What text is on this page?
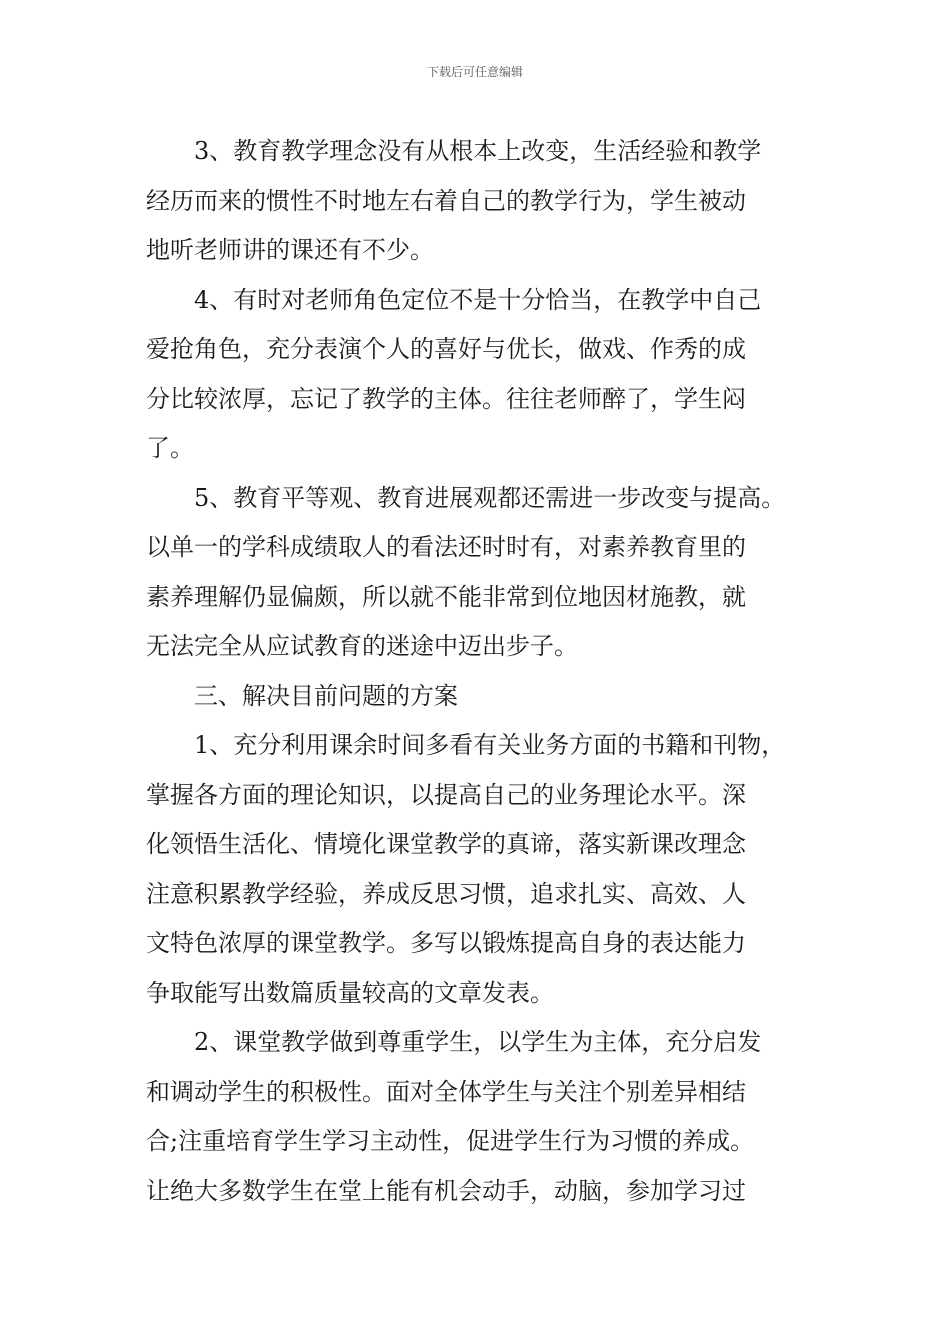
下载后可任意编辑
3、教育教学理念没有从根本上改变，生活经验和教学
经历而来的惯性不时地左右着自己的教学行为，学生被动
地听老师讲的课还有不少。
4、有时对老师角色定位不是十分恰当，在教学中自己
爱抢角色，充分表演个人的喜好与优长，做戏、作秀的成
分比较浓厚，忘记了教学的主体。往往老师醉了，学生闷
了。
5、教育平等观、教育进展观都还需进一步改变与提高。
以单一的学科成绩取人的看法还时时有，对素养教育里的
素养理解仍显偏颇，所以就不能非常到位地因材施教，就
无法完全从应试教育的迷途中迈出步子。
三、解决目前问题的方案
1、充分利用课余时间多看有关业务方面的书籍和刊物，
掌握各方面的理论知识，以提高自己的业务理论水平。深
化领悟生活化、情境化课堂教学的真谛，落实新课改理念
注意积累教学经验，养成反思习惯，追求扎实、高效、人
文特色浓厚的课堂教学。多写以锻炼提高自身的表达能力
争取能写出数篇质量较高的文章发表。
2、课堂教学做到尊重学生，以学生为主体，充分启发
和调动学生的积极性。面对全体学生与关注个别差异相结
合;注重培育学生学习主动性，促进学生行为习惯的养成。
让绝大多数学生在堂上能有机会动手，动脑，参加学习过
